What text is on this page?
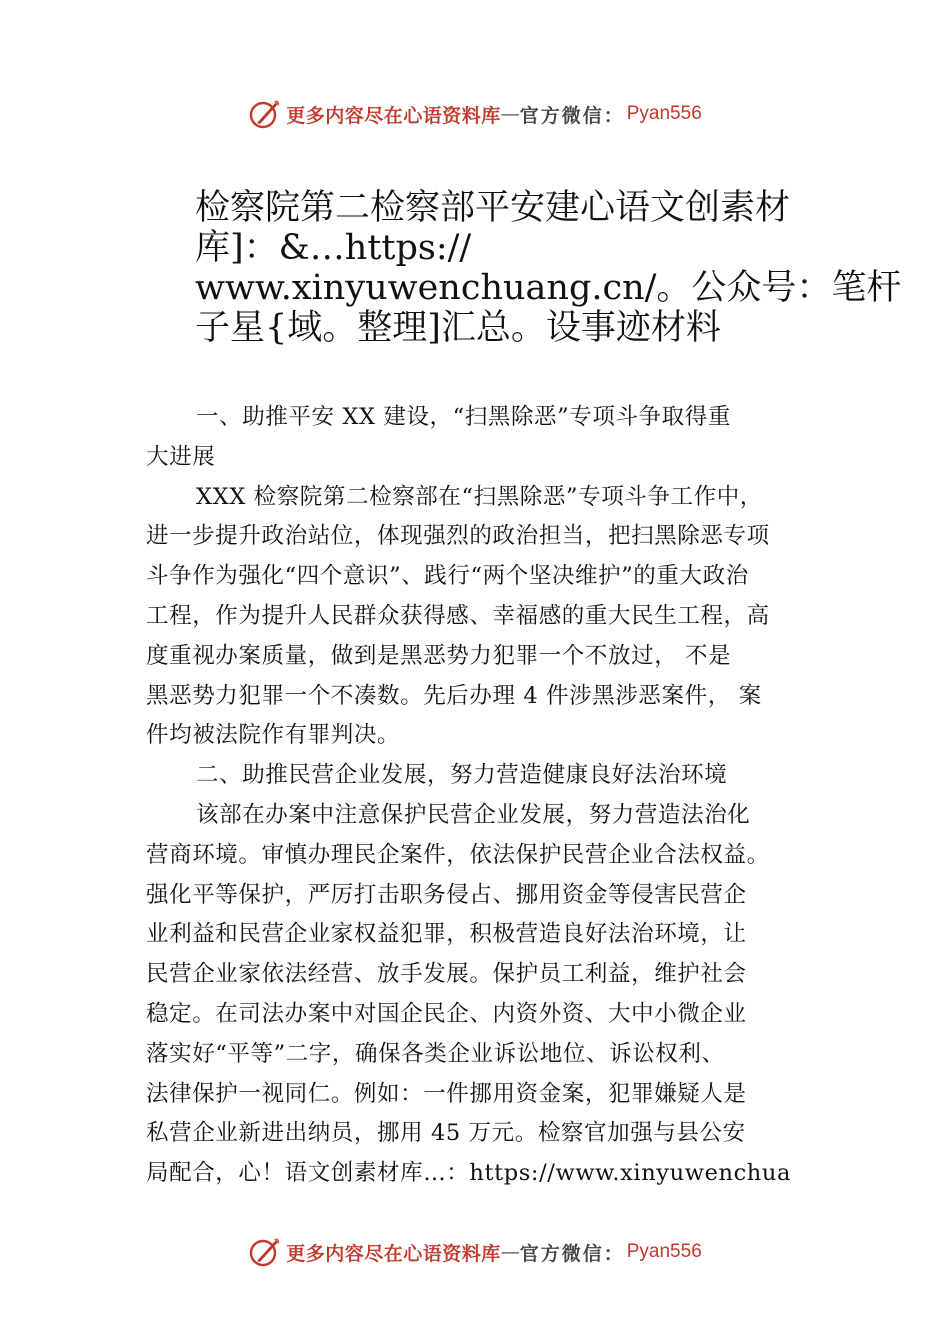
更多内容尽在心语资料库 — 官方微信： Pyan556
检察院第二检察部平安建心语文创素材
库]：&…https://
www.xinyuwenchuang.cn/。公众号：笔杆
子星{域。整理]汇总。设事迹材料
一、助推平安 XX 建设，“扫黑除恶”专项斗争取得重
大进展
XXX 检察院第二检察部在“扫黑除恶”专项斗争工作中，
进一步提升政治站位，体现强烈的政治担当，把扫黑除恶专项
斗争作为强化“四个意识”、践行“两个坚决维护”的重大政治
工程，作为提升人民群众获得感、幸福感的重大民生工程，高
度重视办案质量，做到是黑恶势力犯罪一个不放过， 不是
黑恶势力犯罪一个不凑数。先后办理 4 件涉黑涉恶案件， 案
件均被法院作有罪判决。
二、助推民营企业发展，努力营造健康良好法治环境
该部在办案中注意保护民营企业发展，努力营造法治化
营商环境。审慎办理民企案件，依法保护民营企业合法权益。
强化平等保护，严厉打击职务侵占、挪用资金等侵害民营企
业利益和民营企业家权益犯罪，积极营造良好法治环境，让
民营企业家依法经营、放手发展。保护员工利益，维护社会
稳定。在司法办案中对国企民企、内资外资、大中小微企业
落实好“平等”二字，确保各类企业诉讼地位、诉讼权利、
法律保护一视同仁。例如：一件挪用资金案，犯罪嫌疑人是
私营企业新进出纳员，挪用 45 万元。检察官加强与县公安
局配合，心！语文创素材库…：https://www.xinyuwenchua
更多内容尽在心语资料库 — 官方微信： Pyan556
